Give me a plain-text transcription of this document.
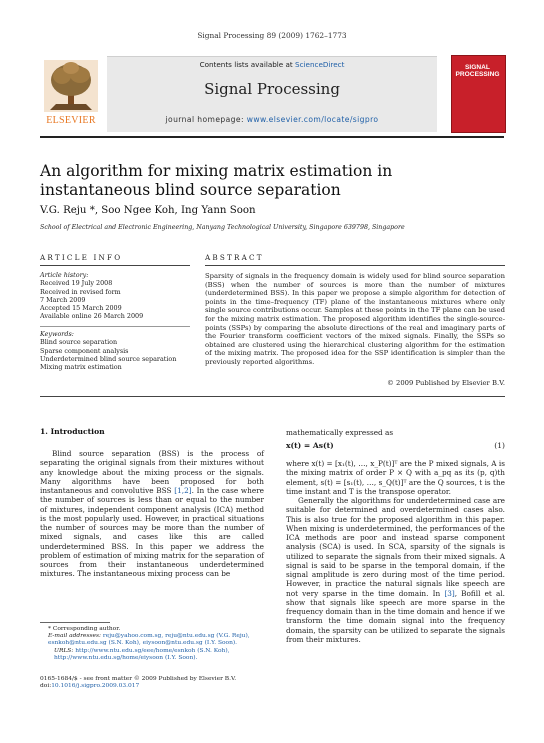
Signal Processing 89 (2009) 1762–1773
Contents lists available at ScienceDirect
Signal Processing
journal homepage: www.elsevier.com/locate/sigpro
ELSEVIER
SIGNAL
PROCESSING
An algorithm for mixing matrix estimation in instantaneous blind source separation
V.G. Reju *, Soo Ngee Koh, Ing Yann Soon
School of Electrical and Electronic Engineering, Nanyang Technological University, Singapore 639798, Singapore
ARTICLE INFO
Article history:
Received 19 July 2008
Received in revised form
7 March 2009
Accepted 15 March 2009
Available online 26 March 2009
Keywords:
Blind source separation
Sparse component analysis
Underdetermined blind source separation
Mixing matrix estimation
ABSTRACT
Sparsity of signals in the frequency domain is widely used for blind source separation (BSS) when the number of sources is more than the number of mixtures (underdetermined BSS). In this paper we propose a simple algorithm for detection of points in the time–frequency (TF) plane of the instantaneous mixtures where only single source contributions occur. Samples at these points in the TF plane can be used for the mixing matrix estimation. The proposed algorithm identifies the single-source-points (SSPs) by comparing the absolute directions of the real and imaginary parts of the Fourier transform coefficient vectors of the mixed signals. Finally, the SSPs so obtained are clustered using the hierarchical clustering algorithm for the estimation of the mixing matrix. The proposed idea for the SSP identification is simpler than the previously reported algorithms.
© 2009 Published by Elsevier B.V.
1. Introduction

Blind source separation (BSS) is the process of separating the original signals from their mixtures without any knowledge about the mixing process or the signals. Many algorithms have been proposed for both instantaneous and convolutive BSS [1,2]. In the case where the number of sources is less than or equal to the number of mixtures, independent component analysis (ICA) method is the most popularly used. However, in practical situations the number of sources may be more than the number of mixed signals, and cases like this are called underdetermined BSS. In this paper we address the problem of estimation of mixing matrix for the separation of sources from their instantaneous underdetermined mixtures. The instantaneous mixing process can be

mathematically expressed as
x(t) = As(t)	(1)

where x(t) = [x₁(t), …, x_P(t)]ᵀ are the P mixed signals, A is the mixing matrix of order P × Q with a_pq as its (p, q)th element, s(t) = [s₁(t), …, s_Q(t)]ᵀ are the Q sources, t is the time instant and T is the transpose operator.

Generally the algorithms for underdetermined case are suitable for determined and overdetermined cases also. This is also true for the proposed algorithm in this paper. When mixing is underdetermined, the performances of the ICA methods are poor and instead sparse component analysis (SCA) is used. In SCA, sparsity of the signals is utilized to separate the signals from their mixed signals. A signal is said to be sparse in the temporal domain, if the signal amplitude is zero during most of the time period. However, in practice the natural signals like speech are not very sparse in the time domain. In [3], Bofill et al. show that signals like speech are more sparse in the frequency domain than in the time domain and hence if we transform the time domain signal into the frequency domain, the sparsity can be utilized to separate the signals from their mixtures.

* Corresponding author.
E-mail addresses: reju@yahoo.com.sg, reju@ntu.edu.sg (V.G. Reju), esnkoh@ntu.edu.sg (S.N. Koh), eiysoon@ntu.edu.sg (I.Y. Soon).
URLS: http://www.ntu.edu.sg/eee/home/esnkoh (S.N. Koh), http://www.ntu.edu.sg/home/eiysoon (I.Y. Soon).
0165-1684/$ - see front matter © 2009 Published by Elsevier B.V.
doi:10.1016/j.sigpro.2009.03.017
